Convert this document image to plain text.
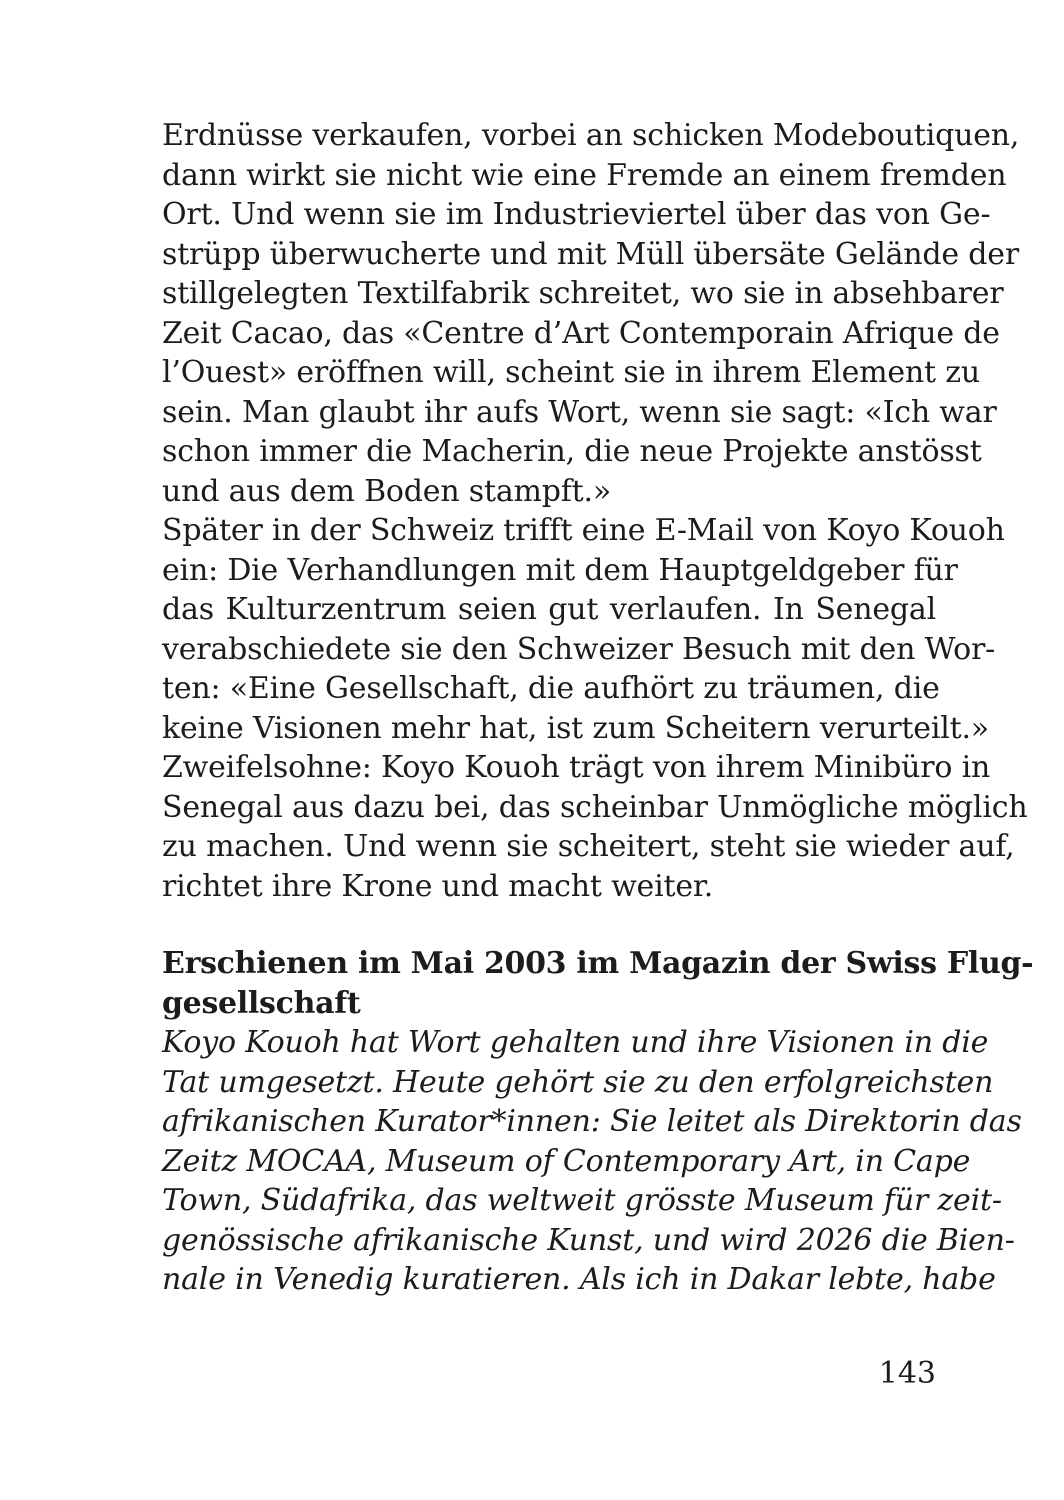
Erdnüsse verkaufen, vorbei an schicken Modeboutiquen,
dann wirkt sie nicht wie eine Fremde an einem fremden
Ort. Und wenn sie im Industrieviertel über das von Ge-
strüpp überwucherte und mit Müll übersäte Gelände der
stillgelegten Textilfabrik schreitet, wo sie in absehbarer
Zeit Cacao, das «Centre d’Art Contemporain Afrique de
l’Ouest» eröffnen will, scheint sie in ihrem Element zu
sein. Man glaubt ihr aufs Wort, wenn sie sagt: «Ich war
schon immer die Macherin, die neue Projekte anstösst
und aus dem Boden stampft.»
Später in der Schweiz trifft eine E-Mail von Koyo Kouoh
ein: Die Verhandlungen mit dem Hauptgeldgeber für
das Kulturzentrum seien gut verlaufen. In Senegal
verabschiedete sie den Schweizer Besuch mit den Wor-
ten: «Eine Gesellschaft, die aufhört zu träumen, die
keine Visionen mehr hat, ist zum Scheitern verurteilt.»
Zweifelsohne: Koyo Kouoh trägt von ihrem Minibüro in
Senegal aus dazu bei, das scheinbar Unmögliche möglich
zu machen. Und wenn sie scheitert, steht sie wieder auf,
richtet ihre Krone und macht weiter.
Erschienen im Mai 2003 im Magazin der Swiss Flug-
gesellschaft
Koyo Kouoh hat Wort gehalten und ihre Visionen in die
Tat umgesetzt. Heute gehört sie zu den erfolgreichsten
afrikanischen Kurator*innen: Sie leitet als Direktorin das
Zeitz MOCAA, Museum of Contemporary Art, in Cape
Town, Südafrika, das weltweit grösste Museum für zeit-
genössische afrikanische Kunst, und wird 2026 die Bien-
nale in Venedig kuratieren. Als ich in Dakar lebte, habe
143
